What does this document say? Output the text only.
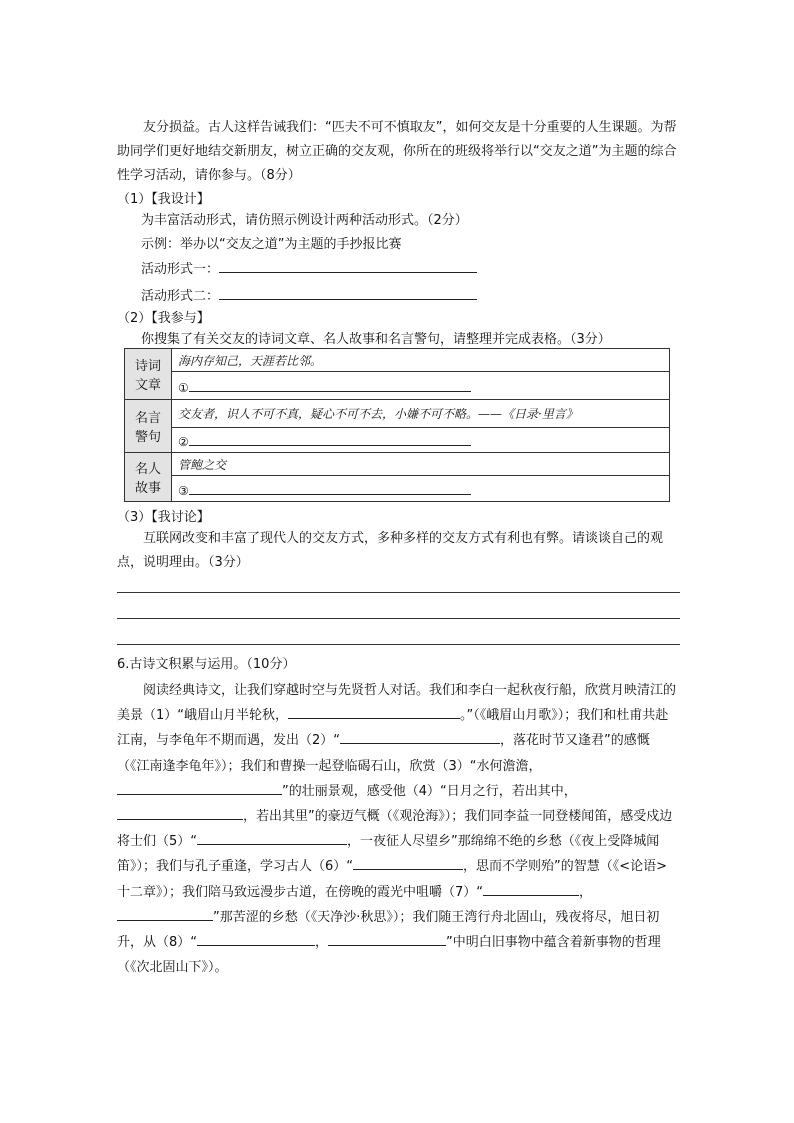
友分损益。古人这样告诫我们：“匹夫不可不慎取友”，如何交友是十分重要的人生课题。为帮助同学们更好地结交新朋友，树立正确的交友观，你所在的班级将举行以“交友之道”为主题的综合性学习活动，请你参与。（8分）
（1）【我设计】
为丰富活动形式，请仿照示例设计两种活动形式。（2分）
示例：举办以“交友之道”为主题的手抄报比赛
活动形式一：
活动形式二：
（2）【我参与】
你搜集了有关交友的诗词文章、名人故事和名言警句，请整理并完成表格。（3分）
诗词
文章	海内存知己，天涯若比邻。
	①
名言
警句	交友者，识人不可不真，疑心不可不去，小嫌不可不略。——《日录·里言》
	②
名人
故事	管鲍之交
	③
（3）【我讨论】
互联网改变和丰富了现代人的交友方式，多种多样的交友方式有利也有弊。请谈谈自己的观点，说明理由。（3分）
6.古诗文积累与运用。（10分）
阅读经典诗文，让我们穿越时空与先贤哲人对话。我们和李白一起秋夜行船，欣赏月映清江的美景（1）“峨眉山月半轮秋，	。”（《峨眉山月歌》）；我们和杜甫共赴江南，与李龟年不期而遇，发出（2）“	，落花时节又逢君”的感慨（《江南逢李龟年》）；我们和曹操一起登临碣石山，欣赏（3）“水何澹澹，”的壮丽景观，感受他（4）“日月之行，若出其中，，若出其里”的豪迈气概（《观沧海》）；我们同李益一同登楼闻笛，感受戍边将士们（5）“	，一夜征人尽望乡”那绵绵不绝的乡愁（《夜上受降城闻笛》）；我们与孔子重逢，学习古人（6）“	，思而不学则殆”的智慧（《<论语>十二章》）；我们陪马致远漫步古道，在傍晚的霞光中咀嚼（7）“	，”那苦涩的乡愁（《天净沙·秋思》）；我们随王湾行舟北固山，残夜将尽，旭日初升，从（8）“	，	”中明白旧事物中蕴含着新事物的哲理（《次北固山下》）。
